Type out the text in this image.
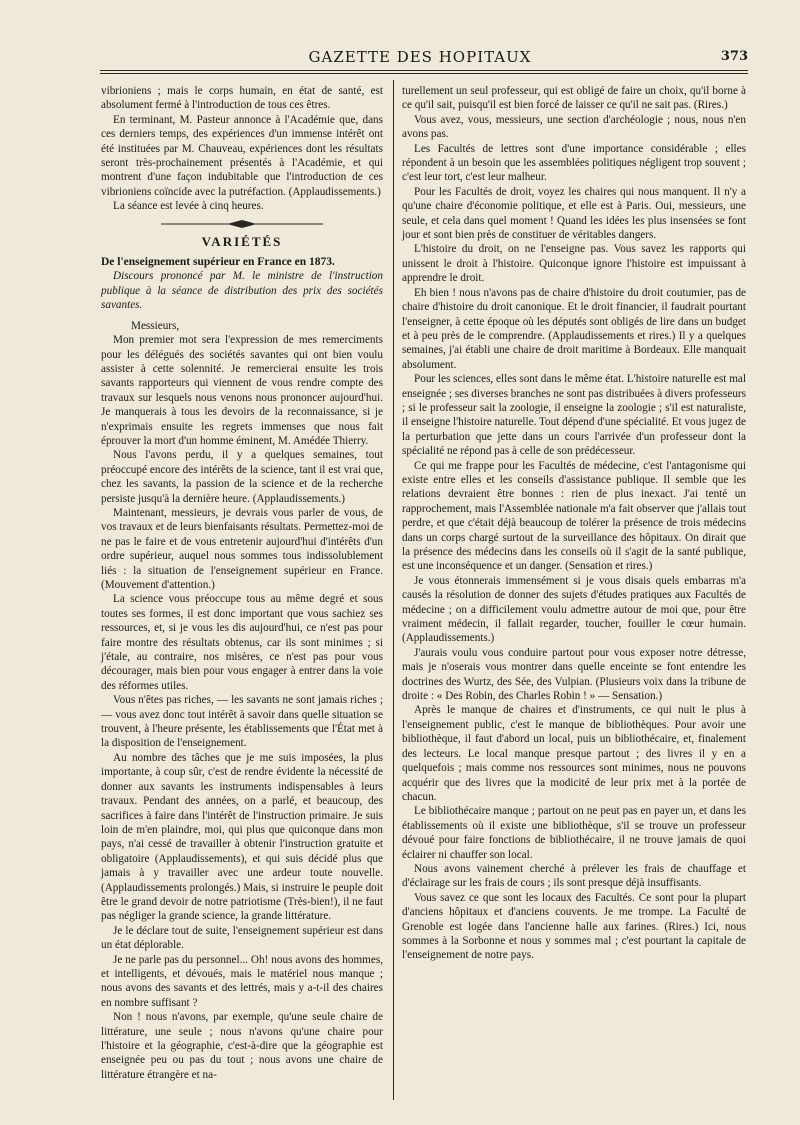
GAZETTE DES HOPITAUX	373

vibrioniens ; mais le corps humain, en état de santé, est absolument fermé à l'introduction de tous ces êtres.

En terminant, M. Pasteur annonce à l'Académie que, dans ces derniers temps, des expériences d'un immense intérêt ont été instituées par M. Chauveau, expériences dont les résultats seront très-prochainement présentés à l'Académie, et qui montrent d'une façon indubitable que l'introduction de ces vibrioniens coïncide avec la putréfaction. (Applaudissements.)

La séance est levée à cinq heures.

VARIÉTÉS

De l'enseignement supérieur en France en 1873.

Discours prononcé par M. le ministre de l'instruction publique à la séance de distribution des prix des sociétés savantes.

Messieurs,

Mon premier mot sera l'expression de mes remerciments pour les délégués des sociétés savantes qui ont bien voulu assister à cette solennité. Je remercierai ensuite les trois savants rapporteurs qui viennent de vous rendre compte des travaux sur lesquels nous venons nous prononcer aujourd'hui. Je manquerais à tous les devoirs de la reconnaissance, si je n'exprimais ensuite les regrets immenses que nous fait éprouver la mort d'un homme éminent, M. Amédée Thierry.

Nous l'avons perdu, il y a quelques semaines, tout préoccupé encore des intérêts de la science, tant il est vrai que, chez les savants, la passion de la science et de la recherche persiste jusqu'à la dernière heure. (Applaudissements.)

Maintenant, messieurs, je devrais vous parler de vous, de vos travaux et de leurs bienfaisants résultats. Permettez-moi de ne pas le faire et de vous entretenir aujourd'hui d'intérêts d'un ordre supérieur, auquel nous sommes tous indissolublement liés : la situation de l'enseignement supérieur en France. (Mouvement d'attention.)

La science vous préoccupe tous au même degré et sous toutes ses formes, il est donc important que vous sachiez ses ressources, et, si je vous les dis aujourd'hui, ce n'est pas pour faire montre des résultats obtenus, car ils sont minimes ; si j'étale, au contraire, nos misères, ce n'est pas pour vous décourager, mais bien pour vous engager à entrer dans la voie des réformes utiles.

Vous n'êtes pas riches, — les savants ne sont jamais riches ; — vous avez donc tout intérêt à savoir dans quelle situation se trouvent, à l'heure présente, les établissements que l'État met à la disposition de l'enseignement.

Au nombre des tâches que je me suis imposées, la plus importante, à coup sûr, c'est de rendre évidente la nécessité de donner aux savants les instruments indispensables à leurs travaux. Pendant des années, on a parlé, et beaucoup, des sacrifices à faire dans l'intérêt de l'instruction primaire. Je suis loin de m'en plaindre, moi, qui plus que quiconque dans mon pays, n'ai cessé de travailler à obtenir l'instruction gratuite et obligatoire (Applaudissements), et qui suis décidé plus que jamais à y travailler avec une ardeur toute nouvelle. (Applaudissements prolongés.) Mais, si instruire le peuple doit être le grand devoir de notre patriotisme (Très-bien!), il ne faut pas négliger la grande science, la grande littérature.

Je le déclare tout de suite, l'enseignement supérieur est dans un état déplorable.

Je ne parle pas du personnel... Oh! nous avons des hommes, et intelligents, et dévoués, mais le matériel nous manque ; nous avons des savants et des lettrés, mais y a-t-il des chaires en nombre suffisant ?

Non ! nous n'avons, par exemple, qu'une seule chaire de littérature, une seule ; nous n'avons qu'une chaire pour l'histoire et la géographie, c'est-à-dire que la géographie est enseignée peu ou pas du tout ; nous avons une chaire de littérature étrangère et na-

turellement un seul professeur, qui est obligé de faire un choix, qu'il borne à ce qu'il sait, puisqu'il est bien forcé de laisser ce qu'il ne sait pas. (Rires.)

Vous avez, vous, messieurs, une section d'archéologie ; nous, nous n'en avons pas.

Les Facultés de lettres sont d'une importance considérable ; elles répondent à un besoin que les assemblées politiques négligent trop souvent ; c'est leur tort, c'est leur malheur.

Pour les Facultés de droit, voyez les chaires qui nous manquent. Il n'y a qu'une chaire d'économie politique, et elle est à Paris. Oui, messieurs, une seule, et cela dans quel moment ! Quand les idées les plus insensées se font jour et sont bien près de constituer de véritables dangers.

L'histoire du droit, on ne l'enseigne pas. Vous savez les rapports qui unissent le droit à l'histoire. Quiconque ignore l'histoire est impuissant à apprendre le droit.

Eh bien ! nous n'avons pas de chaire d'histoire du droit coutumier, pas de chaire d'histoire du droit canonique. Et le droit financier, il faudrait pourtant l'enseigner, à cette époque où les députés sont obligés de lire dans un budget et à peu près de le comprendre. (Applaudissements et rires.) Il y a quelques semaines, j'ai établi une chaire de droit maritime à Bordeaux. Elle manquait absolument.

Pour les sciences, elles sont dans le même état. L'histoire naturelle est mal enseignée ; ses diverses branches ne sont pas distribuées à divers professeurs ; si le professeur sait la zoologie, il enseigne la zoologie ; s'il est naturaliste, il enseigne l'histoire naturelle. Tout dépend d'une spécialité. Et vous jugez de la perturbation que jette dans un cours l'arrivée d'un professeur dont la spécialité ne répond pas à celle de son prédécesseur.

Ce qui me frappe pour les Facultés de médecine, c'est l'antagonisme qui existe entre elles et les conseils d'assistance publique. Il semble que les relations devraient être bonnes : rien de plus inexact. J'ai tenté un rapprochement, mais l'Assemblée nationale m'a fait observer que j'allais tout perdre, et que c'était déjà beaucoup de tolérer la présence de trois médecins dans un corps chargé surtout de la surveillance des hôpitaux. On dirait que la présence des médecins dans les conseils où il s'agit de la santé publique, est une inconséquence et un danger. (Sensation et rires.)

Je vous étonnerais immensément si je vous disais quels embarras m'a causés la résolution de donner des sujets d'études pratiques aux Facultés de médecine ; on a difficilement voulu admettre autour de moi que, pour être vraiment médecin, il fallait regarder, toucher, fouiller le cœur humain. (Applaudissements.)

J'aurais voulu vous conduire partout pour vous exposer notre détresse, mais je n'oserais vous montrer dans quelle enceinte se font entendre les doctrines des Wurtz, des Sée, des Vulpian. (Plusieurs voix dans la tribune de droite : « Des Robin, des Charles Robin ! » — Sensation.)

Après le manque de chaires et d'instruments, ce qui nuit le plus à l'enseignement public, c'est le manque de bibliothèques. Pour avoir une bibliothèque, il faut d'abord un local, puis un bibliothécaire, et, finalement des lecteurs. Le local manque presque partout ; des livres il y en a quelquefois ; mais comme nos ressources sont minimes, nous ne pouvons acquérir que des livres que la modicité de leur prix met à la portée de chacun.

Le bibliothécaire manque ; partout on ne peut pas en payer un, et dans les établissements où il existe une bibliothèque, s'il se trouve un professeur dévoué pour faire fonctions de bibliothécaire, il ne trouve jamais de quoi éclairer ni chauffer son local.

Nous avons vainement cherché à prélever les frais de chauffage et d'éclairage sur les frais de cours ; ils sont presque déjà insuffisants.

Vous savez ce que sont les locaux des Facultés. Ce sont pour la plupart d'anciens hôpitaux et d'anciens couvents. Je me trompe. La Faculté de Grenoble est logée dans l'ancienne halle aux farines. (Rires.) Ici, nous sommes à la Sorbonne et nous y sommes mal ; c'est pourtant la capitale de l'enseignement de notre pays.
